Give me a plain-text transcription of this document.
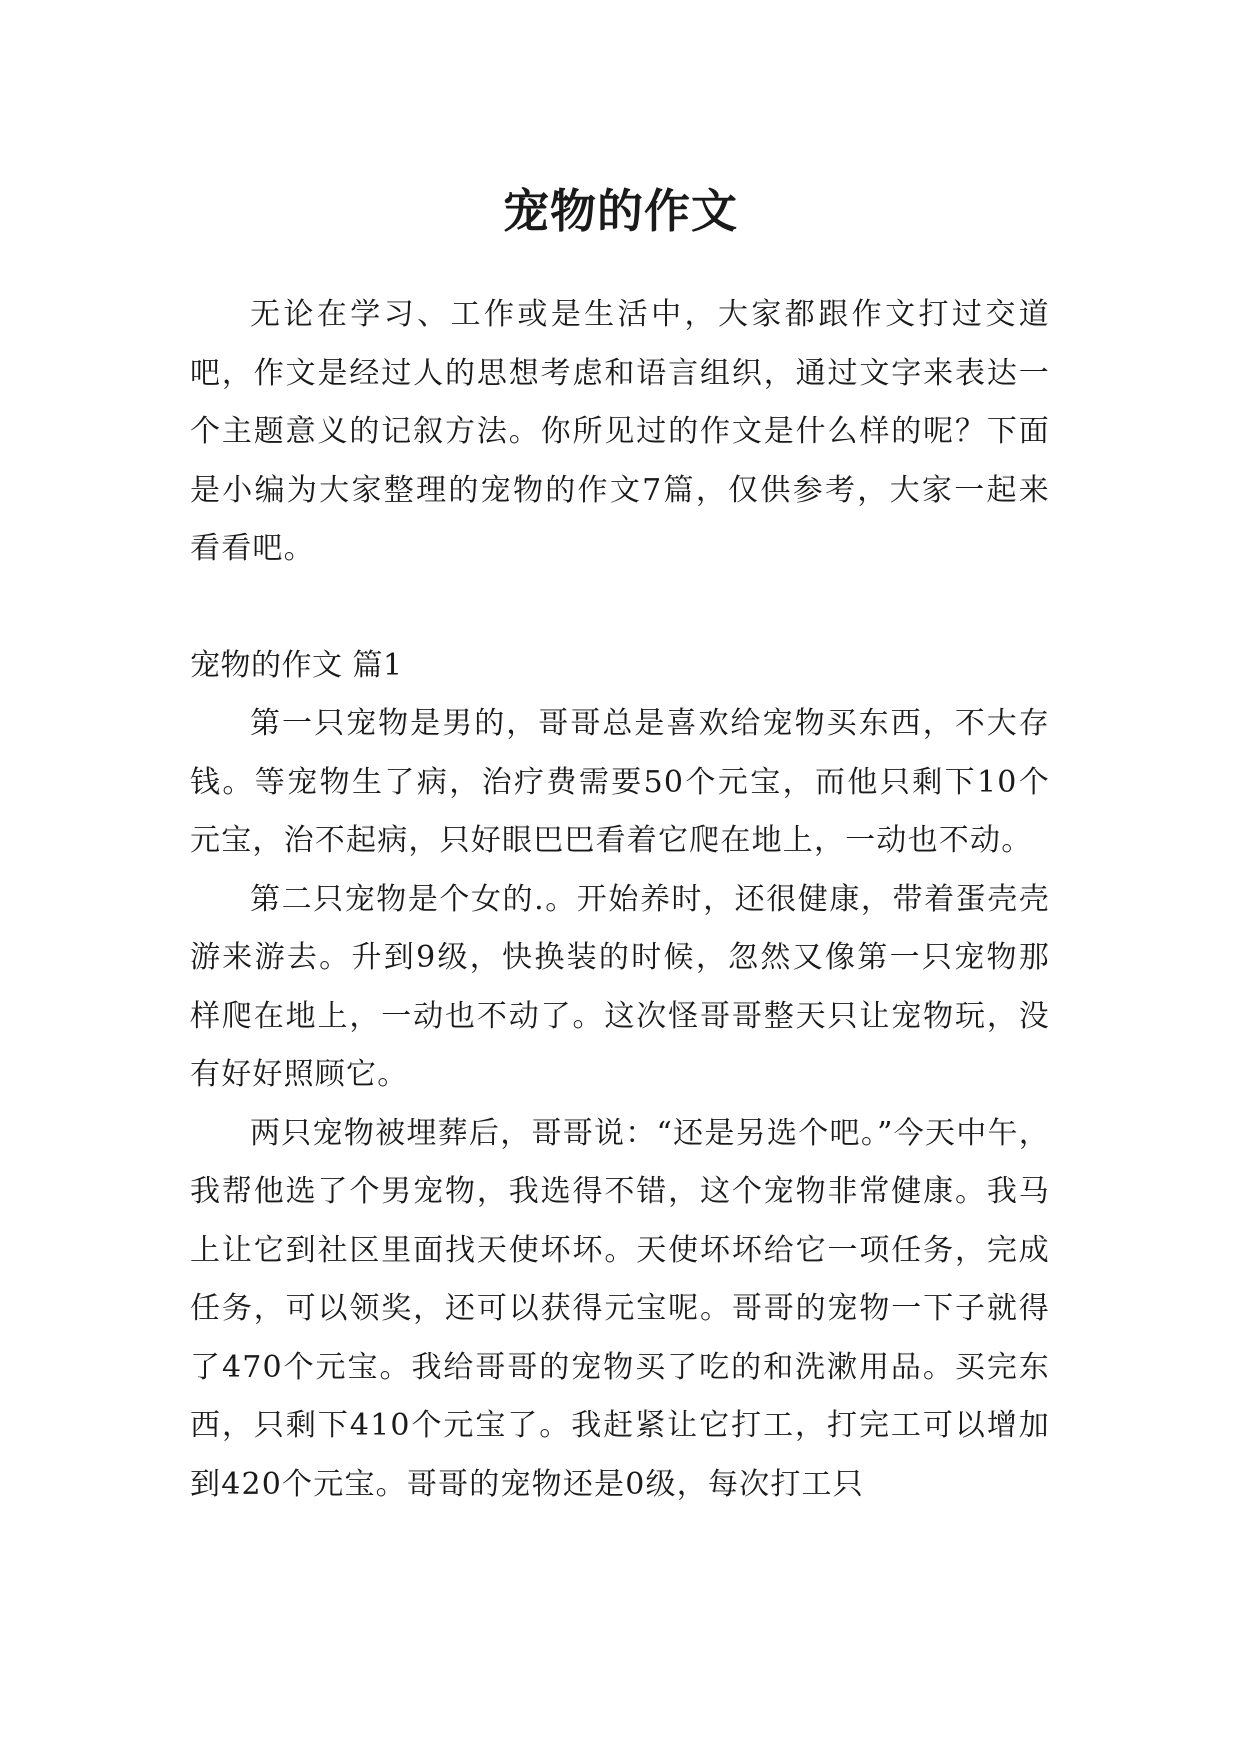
宠物的作文

无论在学习、工作或是生活中，大家都跟作文打过交道吧，作文是经过人的思想考虑和语言组织，通过文字来表达一个主题意义的记叙方法。你所见过的作文是什么样的呢？下面是小编为大家整理的宠物的作文7篇，仅供参考，大家一起来看看吧。

宠物的作文 篇1

第一只宠物是男的，哥哥总是喜欢给宠物买东西，不大存钱。等宠物生了病，治疗费需要50个元宝，而他只剩下10个元宝，治不起病，只好眼巴巴看着它爬在地上，一动也不动。

第二只宠物是个女的.。开始养时，还很健康，带着蛋壳壳游来游去。升到9级，快换装的时候，忽然又像第一只宠物那样爬在地上，一动也不动了。这次怪哥哥整天只让宠物玩，没有好好照顾它。

两只宠物被埋葬后，哥哥说：“还是另选个吧。”今天中午，我帮他选了个男宠物，我选得不错，这个宠物非常健康。我马上让它到社区里面找天使坏坏。天使坏坏给它一项任务，完成任务，可以领奖，还可以获得元宝呢。哥哥的宠物一下子就得了470个元宝。我给哥哥的宠物买了吃的和洗漱用品。买完东西，只剩下410个元宝了。我赶紧让它打工，打完工可以增加到420个元宝。哥哥的宠物还是0级，每次打工只
